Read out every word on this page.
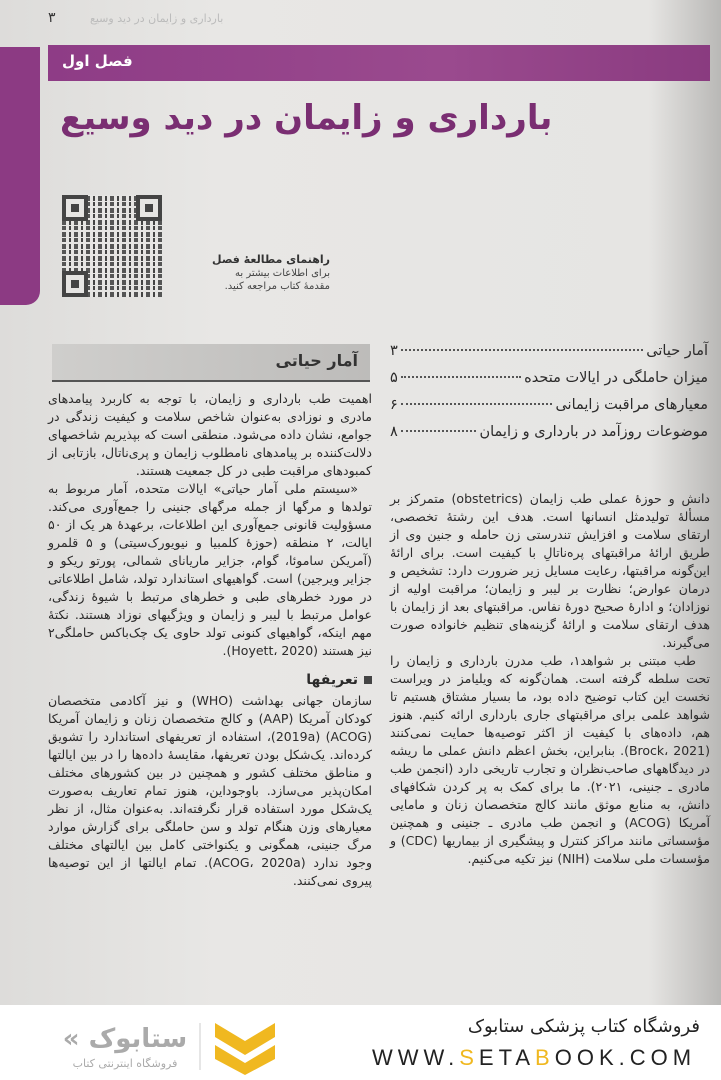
۳	بارداری و زایمان در دید وسیع
فصل اول
بارداری و زایمان در دید وسیع
راهنمای مطالعهٔ فصل
برای اطلاعات بیشتر به
مقدمهٔ کتاب مراجعه کنید.
آمار حیاتی
۳
میزان حاملگی در ایالات متحده
۵
معیارهای مراقبت زایمانی
۶
موضوعات روزآمد در بارداری و زایمان
۸
آمار حیاتی

اهمیت طب بارداری و زایمان، با توجه به کاربرد پیامدهای مادری و نوزادی به‌عنوان شاخص سلامت و کیفیت زندگی در جوامع، نشان داده می‌شود. منطقی است که بپذیریم شاخصهای دلالت‌کننده بر پیامدهای نامطلوب زایمان و پری‌ناتال، بازتابی از کمبودهای مراقبت طبی در کل جمعیت هستند.

«سیستم ملی آمار حیاتی» ایالات متحده، آمار مربوط به تولدها و مرگها از جمله مرگهای جنینی را جمع‌آوری می‌کند. مسؤولیت قانونی جمع‌آوری این اطلاعات، برعهدهٔ هر یک از ۵۰ ایالت، ۲ منطقه (حوزهٔ کلمبیا و نیویورک‌سیتی) و ۵ قلمرو (آمریکن ساموئا، گوام، جزایر ماریانای شمالی، پورتو ریکو و جزایر ویرجین) است. گواهیهای استاندارد تولد، شامل اطلاعاتی در مورد خطرهای طبی و خطرهای مرتبط با شیوهٔ زندگی، عوامل مرتبط با لیبر و زایمان و ویژگیهای نوزاد هستند. نکتهٔ مهم اینکه، گواهیهای کنونی تولد حاوی یک چک‌باکس حاملگی۲ نیز هستند (Hoyett، 2020).

تعریفها

سازمان جهانی بهداشت (WHO) و نیز آکادمی متخصصان کودکان آمریکا (AAP) و کالج متخصصان زنان و زایمان آمریکا (ACOG) (2019a)، استفاده از تعریفهای استاندارد را تشویق کرده‌اند. یک‌شکل بودن تعریفها، مقایسهٔ داده‌ها را در بین ایالتها و مناطق مختلف کشور و همچنین در بین کشورهای مختلف امکان‌پذیر می‌سازد. باوجوداین، هنوز تمام تعاریف به‌صورت یک‌شکل مورد استفاده قرار نگرفته‌اند. به‌عنوان مثال، از نظر معیارهای وزن هنگام تولد و سن حاملگی برای گزارش موارد مرگ جنینی، همگونی و یکنواختی کامل بین ایالتهای مختلف وجود ندارد (ACOG، 2020a). تمام ایالتها از این توصیه‌ها پیروی نمی‌کنند.

دانش و حوزهٔ عملی طب زایمان (obstetrics) متمرکز بر مسألهٔ تولیدمثل انسانها است. هدف این رشتهٔ تخصصی، ارتقای سلامت و افزایش تندرستی زن حامله و جنین وی از طریق ارائهٔ مراقبتهای پره‌ناتالِ با کیفیت است. برای ارائهٔ این‌گونه مراقبتها، رعایت مسایل زیر ضرورت دارد: تشخیص و درمان عوارض؛ نظارت بر لیبر و زایمان؛ مراقبت اولیه از نوزادان؛ و ادارهٔ صحیح دورهٔ نفاس. مراقبتهای بعد از زایمان با هدف ارتقای سلامت و ارائهٔ گزینه‌های تنظیم خانواده صورت می‌گیرند.

طب مبتنی بر شواهد۱، طب مدرن بارداری و زایمان را تحت سلطه گرفته است. همان‌گونه که ویلیامز در ویراست نخست این کتاب توضیح داده بود، ما بسیار مشتاق هستیم تا شواهد علمی برای مراقبتهای جاری بارداری ارائه کنیم. هنوز هم، داده‌های با کیفیت از اکثر توصیه‌ها حمایت نمی‌کنند (Brock، 2021). بنابراین، بخش اعظم دانش عملی ما ریشه در دیدگاههای صاحب‌نظران و تجارب تاریخی دارد (انجمن طب مادری ـ جنینی، ۲۰۲۱). ما برای کمک به پر کردن شکافهای دانش، به منابع موثق مانند کالج متخصصان زنان و مامایی آمریکا (ACOG) و انجمن طب مادری ـ جنینی و همچنین مؤسساتی مانند مراکز کنترل و پیشگیری از بیماریها (CDC) و مؤسسات ملی سلامت (NIH) نیز تکیه می‌کنیم.

« ستابوک
فروشگاه اینترنتی کتاب
فروشگاه کتاب پزشکی ستابوک
WWW.SETABOOK.COM
